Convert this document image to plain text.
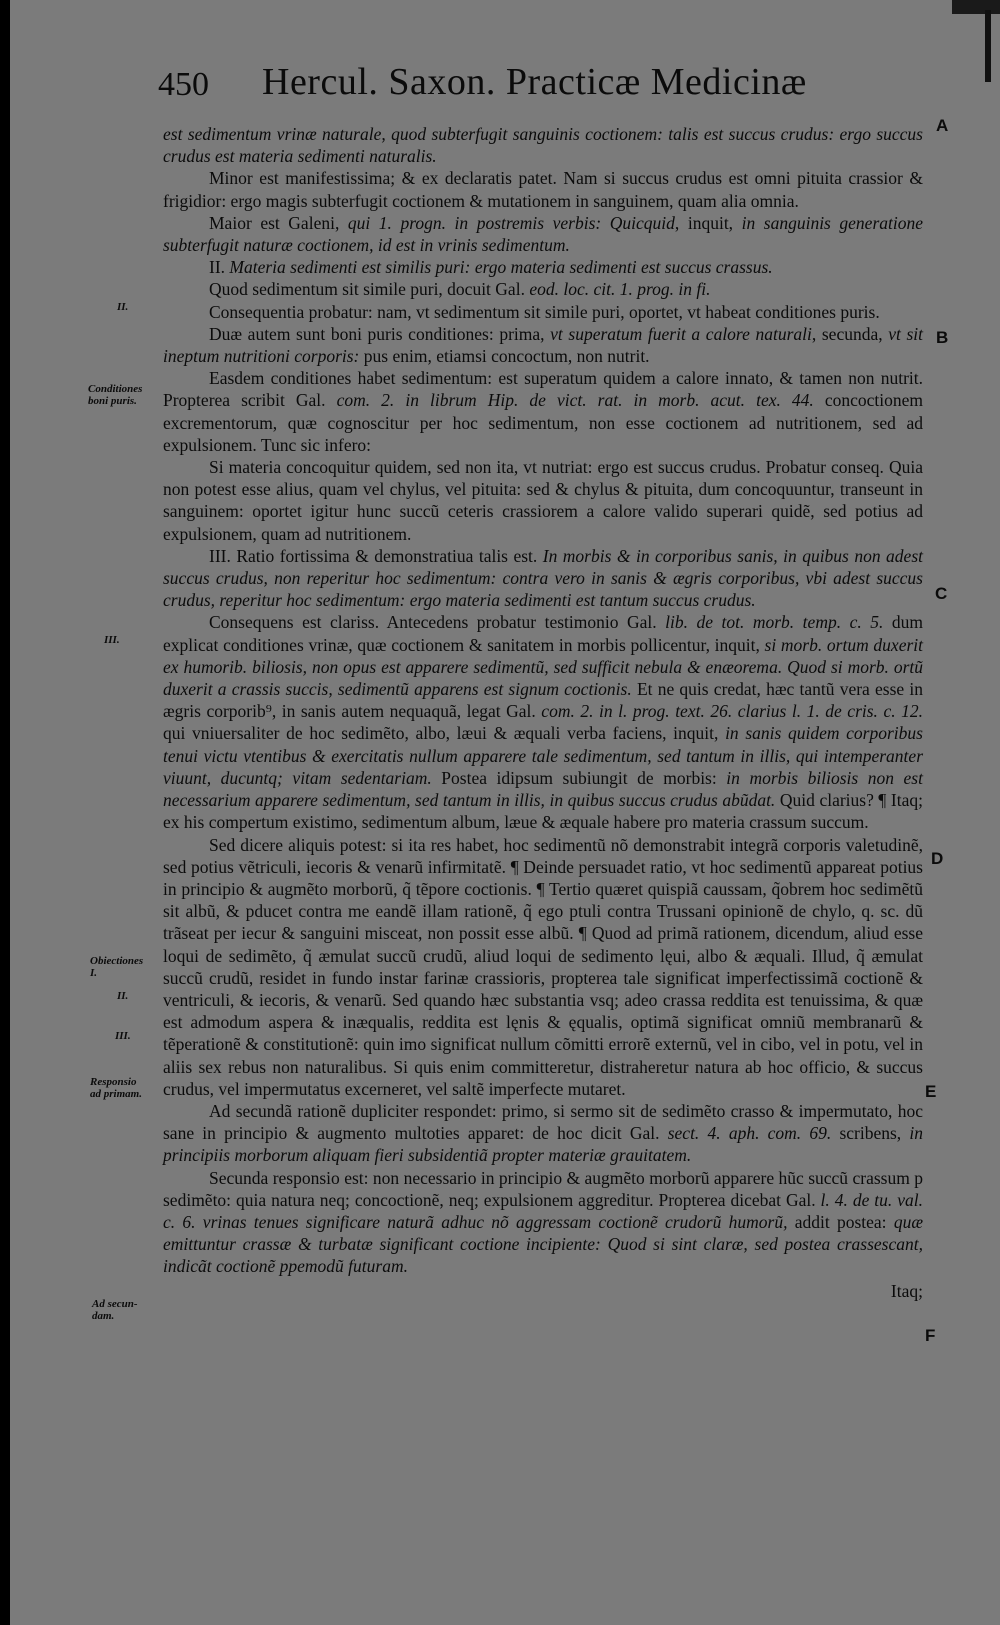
450 Hercul. Saxon. Practicæ Medicinæ

est sedimentum vrinæ naturale, quod subterfugit sanguinis coctionem: talis est succus crudus: ergo succus crudus est materia sedimenti naturalis.

Minor est manifestissima; & ex declaratis patet. Nam si succus crudus est omni pituita crassior & frigidior: ergo magis subterfugit coctionem & mutationem in sanguinem, quam alia omnia.

Maior est Galeni, qui 1. progn. in postremis verbis: Quicquid, inquit, in sanguinis generatione subterfugit naturæ coctionem, id est in vrinis sedimentum.

II. Materia sedimenti est similis puri: ergo materia sedimenti est succus crassus.

Quod sedimentum sit simile puri, docuit Gal. eod. loc. cit. 1. prog. in fi.

Consequentia probatur: nam, vt sedimentum sit simile puri, oportet, vt habeat conditiones puris.

Duæ autem sunt boni puris conditiones: prima, vt superatum fuerit a calore naturali, secunda, vt sit ineptum nutritioni corporis: pus enim, etiamsi concoctum, non nutrit.

Easdem conditiones habet sedimentum: est superatum quidem a calore innato, & tamen non nutrit. Propterea scribit Gal. com. 2. in librum Hip. de vict. rat. in morb. acut. tex. 44. concoctionem excrementorum, quæ cognoscitur per hoc sedimentum, non esse coctionem ad nutritionem, sed ad expulsionem. Tunc sic infero:

Si materia concoquitur quidem, sed non ita, vt nutriat: ergo est succus crudus. Probatur conseq. Quia non potest esse alius, quam vel chylus, vel pituita: sed & chylus & pituita, dum concoquuntur, transeunt in sanguinem: oportet igitur hunc succũ ceteris crassiorem a calore valido superari quidẽ, sed potius ad expulsionem, quam ad nutritionem.

III. Ratio fortissima & demonstratiua talis est. In morbis & in corporibus sanis, in quibus non adest succus crudus, non reperitur hoc sedimentum: contra vero in sanis & ægris corporibus, vbi adest succus crudus, reperitur hoc sedimentum: ergo materia sedimenti est tantum succus crudus.

Consequens est clariss. Antecedens probatur testimonio Gal. lib. de tot. morb. temp. c. 5. dum explicat conditiones vrinæ, quæ coctionem & sanitatem in morbis pollicentur, inquit, si morb. ortum duxerit ex humorib. biliosis, non opus est apparere sedimentũ, sed sufficit nebula & enæorema. Quod si morb. ortũ duxerit a crassis succis, sedimentũ apparens est signum coctionis. Et ne quis credat, hæc tantũ vera esse in ægris corporib⁹, in sanis autem nequaquã, legat Gal. com. 2. in l. prog. text. 26. clarius l. 1. de cris. c. 12. qui vniuersaliter de hoc sedimẽto, albo, læui & æquali verba faciens, inquit, in sanis quidem corporibus tenui victu vtentibus & exercitatis nullum apparere tale sedimentum, sed tantum in illis, qui intemperanter viuunt, ducuntq; vitam sedentariam. Postea idipsum subiungit de morbis: in morbis biliosis non est necessarium apparere sedimentum, sed tantum in illis, in quibus succus crudus abũdat. Quid clarius? ¶ Itaq; ex his compertum existimo, sedimentum album, læue & æquale habere pro materia crassum succum.

Sed dicere aliquis potest: si ita res habet, hoc sedimentũ nõ demonstrabit integrã corporis valetudinẽ, sed potius vẽtriculi, iecoris & venarũ infirmitatẽ. ¶ Deinde persuadet ratio, vt hoc sedimentũ appareat potius in principio & augmẽto morborũ, q̃ tẽpore coctionis. ¶ Tertio quæret quispiã caussam, q̃obrem hoc sedimẽtũ sit albũ, & pducet contra me eandẽ illam rationẽ, q̃ ego ptuli contra Trussani opinionẽ de chylo, q. sc. dũ trãseat per iecur & sanguini misceat, non possit esse albũ. ¶ Quod ad primã rationem, dicendum, aliud esse loqui de sedimẽto, q̃ æmulat succũ crudũ, aliud loqui de sedimento lęui, albo & æquali. Illud, q̃ æmulat succũ crudũ, residet in fundo instar farinæ crassioris, propterea tale significat imperfectissimã coctionẽ & ventriculi, & iecoris, & venarũ. Sed quando hæc substantia vsq; adeo crassa reddita est tenuissima, & quæ est admodum aspera & inæqualis, reddita est lęnis & ęqualis, optimã significat omniũ membranarũ & tẽperationẽ & constitutionẽ: quin imo significat nullum cõmitti errorẽ externũ, vel in cibo, vel in potu, vel in aliis sex rebus non naturalibus. Si quis enim committeretur, distraheretur natura ab hoc officio, & succus crudus, vel impermutatus excerneret, vel saltẽ imperfecte mutaret.

Ad secundã rationẽ dupliciter respondet: primo, si sermo sit de sedimẽto crasso & impermutato, hoc sane in principio & augmento multoties apparet: de hoc dicit Gal. sect. 4. aph. com. 69. scribens, in principiis morborum aliquam fieri subsidentiã propter materiæ grauitatem.

Secunda responsio est: non necessario in principio & augmẽto morborũ apparere hũc succũ crassum p sedimẽto: quia natura neq; concoctionẽ, neq; expulsionem aggreditur. Propterea dicebat Gal. l. 4. de tu. val. c. 6. vrinas tenues significare naturã adhuc nõ aggressam coctionẽ crudorũ humorũ, addit postea: quæ emittuntur crassæ & turbatæ significant coctione incipiente: Quod si sint claræ, sed postea crassescant, indicãt coctionẽ ppemodũ futuram.

Itaq;
II.
Conditiones
boni puris.
III.
Obiectiones
I.
II.
III.
Responsio
ad primam.
Ad secun-
dam.
A
B
C
D
E
F
